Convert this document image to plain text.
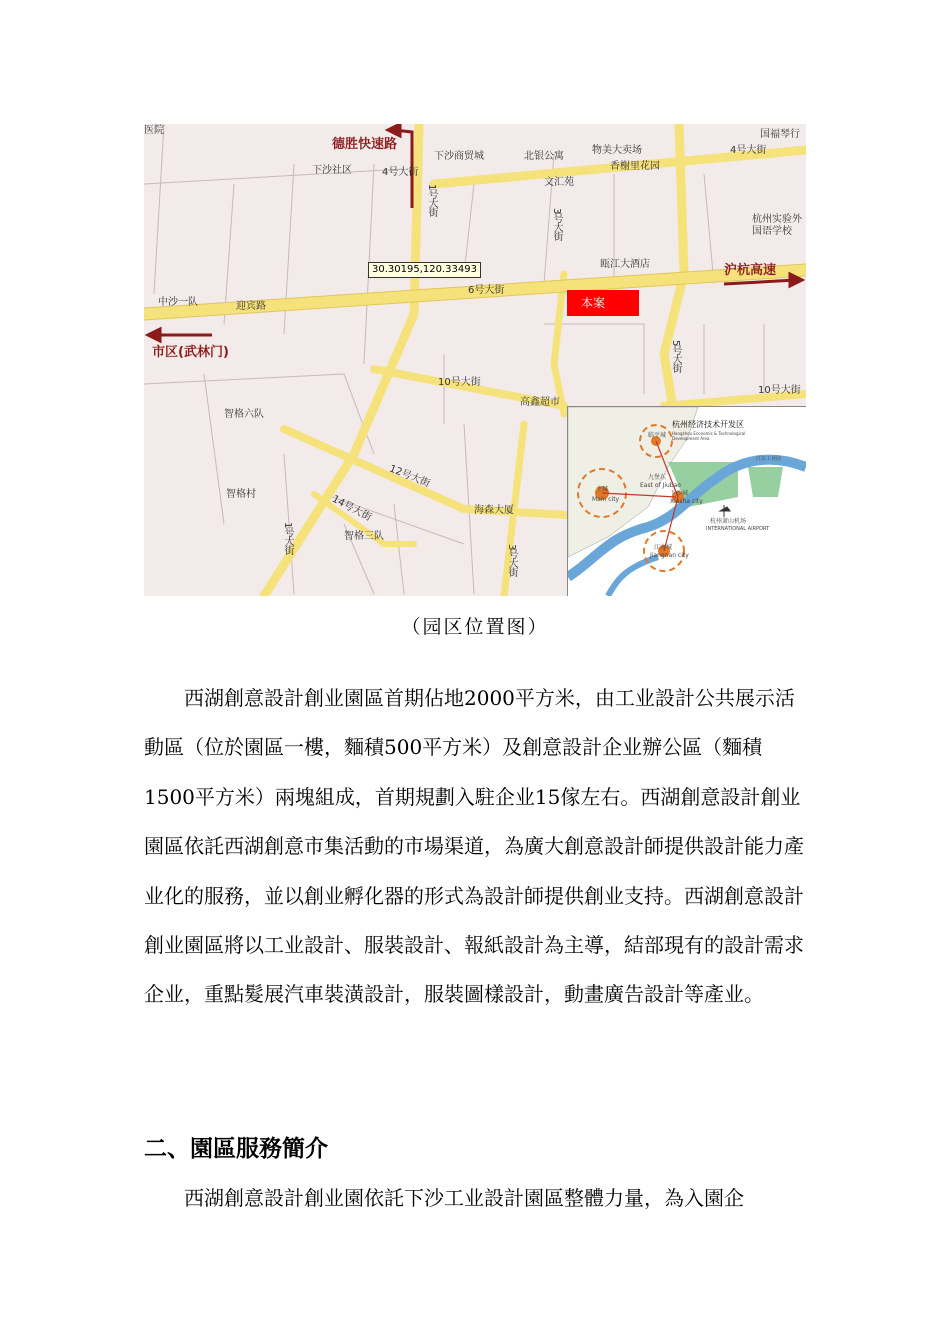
医院
下沙社区	4号大街
1号大街
下沙商贸城	北银公寓
物美大卖场
香榭里花园
4号大街
文汇苑
国福琴行
3号大街	杭州实验外国语学校
瓯江大酒店
中沙一队	迎宾路
6号大街
5号大街
10号大街
10号大街
高鑫超市
智格六队
智格村
12号大街
14号大街
智格三队
海森大厦
1号大街
3号大街
德胜快速路
沪杭高速
市区(武林门)
30.30195,120.33493
本案
杭州经济技术开发区
Hangzhou Economic & Technological Development Area
临平城
主城
Main city
九堡东
East of Jiubao
下沙城
Xiasha city
江南城
Jiangnan city
杭州萧山机场
INTERNATIONAL AIRPORT
江东工业园
（园区位置图）

西湖創意設計創业園區首期佔地2000平方米，由工业設計公共展示活動區（位於園區一樓，麵積500平方米）及創意設計企业辦公區（麵積1500平方米）兩塊組成，首期規劃入駐企业15傢左右。西湖創意設計創业園區依託西湖創意市集活動的市場渠道，為廣大創意設計師提供設計能力產业化的服務，並以創业孵化器的形式為設計師提供創业支持。西湖創意設計創业園區將以工业設計、服裝設計、報紙設計為主導，結部現有的設計需求企业，重點髮展汽車裝潢設計，服裝圖樣設計，動畫廣告設計等產业。

二、園區服務簡介

西湖創意設計創业園依託下沙工业設計園區整體力量，為入園企
